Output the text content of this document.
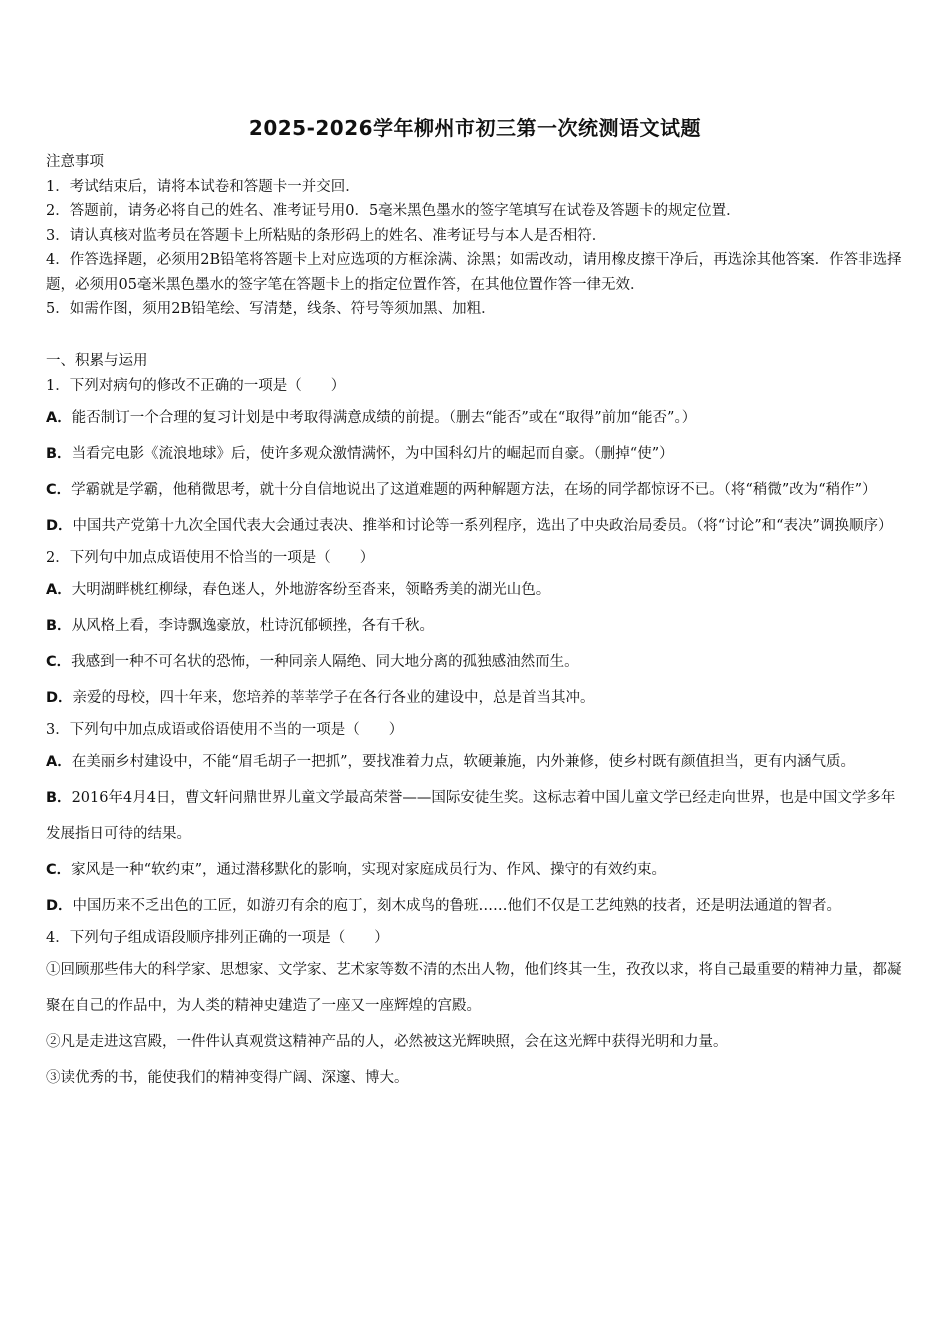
2025-2026学年柳州市初三第一次统测语文试题

注意事项

1．考试结束后，请将本试卷和答题卡一并交回．

2．答题前，请务必将自己的姓名、准考证号用0．5毫米黑色墨水的签字笔填写在试卷及答题卡的规定位置．

3．请认真核对监考员在答题卡上所粘贴的条形码上的姓名、准考证号与本人是否相符．

4．作答选择题，必须用2B铅笔将答题卡上对应选项的方框涂满、涂黑；如需改动，请用橡皮擦干净后，再选涂其他答案．作答非选择题，必须用05毫米黑色墨水的签字笔在答题卡上的指定位置作答，在其他位置作答一律无效．

5．如需作图，须用2B铅笔绘、写清楚，线条、符号等须加黑、加粗．

一、积累与运用

1．下列对病句的修改不正确的一项是（　　）

A．能否制订一个合理的复习计划是中考取得满意成绩的前提。（删去“能否”或在“取得”前加“能否”。）

B．当看完电影《流浪地球》后，使许多观众激情满怀，为中国科幻片的崛起而自豪。（删掉“使”）

C．学霸就是学霸，他稍微思考，就十分自信地说出了这道难题的两种解题方法，在场的同学都惊讶不已。（将“稍微”改为“稍作”）

D．中国共产党第十九次全国代表大会通过表决、推举和讨论等一系列程序，选出了中央政治局委员。（将“讨论”和“表决”调换顺序）

2．下列句中加点成语使用不恰当的一项是（　　）

A．大明湖畔桃红柳绿，春色迷人，外地游客纷至沓来，领略秀美的湖光山色。

B．从风格上看，李诗飘逸豪放，杜诗沉郁顿挫，各有千秋。

C．我感到一种不可名状的恐怖，一种同亲人隔绝、同大地分离的孤独感油然而生。

D．亲爱的母校，四十年来，您培养的莘莘学子在各行各业的建设中，总是首当其冲。

3．下列句中加点成语或俗语使用不当的一项是（　　）

A．在美丽乡村建设中，不能“眉毛胡子一把抓”，要找准着力点，软硬兼施，内外兼修，使乡村既有颜值担当，更有内涵气质。

B．2016年4月4日，曹文轩问鼎世界儿童文学最高荣誉——国际安徒生奖。这标志着中国儿童文学已经走向世界，也是中国文学多年发展指日可待的结果。

C．家风是一种“软约束”，通过潜移默化的影响，实现对家庭成员行为、作风、操守的有效约束。

D．中国历来不乏出色的工匠，如游刃有余的庖丁，刻木成鸟的鲁班……他们不仅是工艺纯熟的技者，还是明法通道的智者。

4．下列句子组成语段顺序排列正确的一项是（　　）

①回顾那些伟大的科学家、思想家、文学家、艺术家等数不清的杰出人物，他们终其一生，孜孜以求，将自己最重要的精神力量，都凝聚在自己的作品中，为人类的精神史建造了一座又一座辉煌的宫殿。

②凡是走进这宫殿，一件件认真观赏这精神产品的人，必然被这光辉映照，会在这光辉中获得光明和力量。

③读优秀的书，能使我们的精神变得广阔、深邃、博大。
